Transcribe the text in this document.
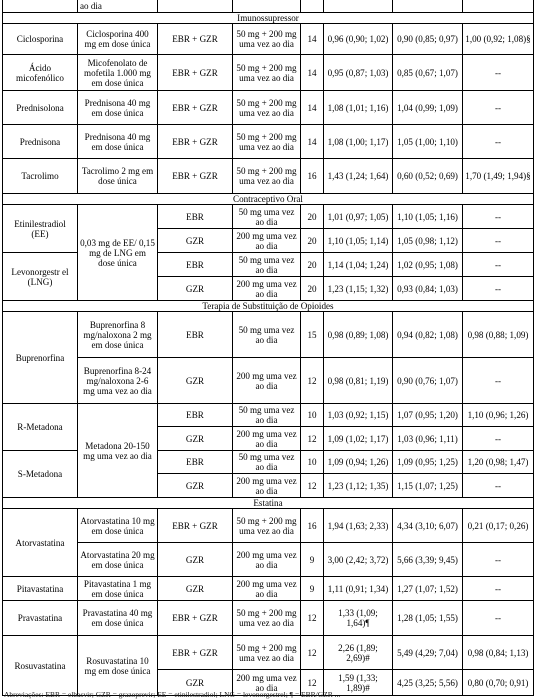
	ao dia						
Imunossupressor							
Ciclosporina	Ciclosporina 400 mg em dose única	EBR + GZR	50 mg + 200 mg uma vez ao dia	14	0,96 (0,90; 1,02)	0,90 (0,85; 0,97)	1,00 (0,92; 1,08)§
Ácido micofenólico	Micofenolato de mofetila 1.000 mg em dose única	EBR + GZR	50 mg + 200 mg uma vez ao dia	14	0,95 (0,87; 1,03)	0,85 (0,67; 1,07)	--
Prednisolona	Prednisona 40 mg em dose única	EBR + GZR	50 mg + 200 mg uma vez ao dia	14	1,08 (1,01; 1,16)	1,04 (0,99; 1,09)	--
Prednisona	Prednisona 40 mg em dose única	EBR + GZR	50 mg + 200 mg uma vez ao dia	14	1,08 (1,00; 1,17)	1,05 (1,00; 1,10)	--
Tacrolimo	Tacrolimo 2 mg em dose única	EBR + GZR	50 mg + 200 mg uma vez ao dia	16	1,43 (1,24; 1,64)	0,60 (0,52; 0,69)	1,70 (1,49; 1,94)§
Contraceptivo Oral							
Etinilestradiol (EE)	0,03 mg de EE/ 0,15 mg de LNG em dose única	EBR	50 mg uma vez ao dia	20	1,01 (0,97; 1,05)	1,10 (1,05; 1,16)	--
		GZR	200 mg uma vez ao dia	20	1,10 (1,05; 1,14)	1,05 (0,98; 1,12)	--
Levonorgestr el (LNG)		EBR	50 mg uma vez ao dia	20	1,14 (1,04; 1,24)	1,02 (0,95; 1,08)	--
		GZR	200 mg uma vez ao dia	20	1,23 (1,15; 1,32)	0,93 (0,84; 1,03)	--
Terapia de Substituição de Opioides							
Buprenorfina	Buprenorfina 8 mg/naloxona 2 mg em dose única	EBR	50 mg uma vez ao dia	15	0,98 (0,89; 1,08)	0,94 (0,82; 1,08)	0,98 (0,88; 1,09)
	Buprenorfina 8-24 mg/naloxona 2-6 mg uma vez ao dia	GZR	200 mg uma vez ao dia	12	0,98 (0,81; 1,19)	0,90 (0,76; 1,07)	--
R-Metadona	Metadona 20-150 mg uma vez ao dia	EBR	50 mg uma vez ao dia	10	1,03 (0,92; 1,15)	1,07 (0,95; 1,20)	1,10 (0,96; 1,26)
		GZR	200 mg uma vez ao dia	12	1,09 (1,02; 1,17)	1,03 (0,96; 1,11)	--
S-Metadona		EBR	50 mg uma vez ao dia	10	1,09 (0,94; 1,26)	1,09 (0,95; 1,25)	1,20 (0,98; 1,47)
		GZR	200 mg uma vez ao dia	12	1,23 (1,12; 1,35)	1,15 (1,07; 1,25)	--
Estatina							
Atorvastatina	Atorvastatina 10 mg em dose única	EBR + GZR	50 mg + 200 mg uma vez ao dia	16	1,94 (1,63; 2,33)	4,34 (3,10; 6,07)	0,21 (0,17; 0,26)
	Atorvastatina 20 mg em dose única	GZR	200 mg uma vez ao dia	9	3,00 (2,42; 3,72)	5,66 (3,39; 9,45)	--
Pitavastatina	Pitavastatina 1 mg em dose única	GZR	200 mg uma vez ao dia	9	1,11 (0,91; 1,34)	1,27 (1,07; 1,52)	--
Pravastatina	Pravastatina 40 mg em dose única	EBR + GZR	50 mg + 200 mg uma vez ao dia	12	1,33 (1,09; 1,64)¶	1,28 (1,05; 1,55)	--
Rosuvastatina	Rosuvastatina 10 mg em dose única	EBR + GZR	50 mg + 200 mg uma vez ao dia	12	2,26 (1,89; 2,69)#	5,49 (4,29; 7,04)	0,98 (0,84; 1,13)
		GZR	200 mg uma vez ao dia	12	1,59 (1,33; 1,89)#	4,25 (3,25; 5,56)	0,80 (0,70; 0,91)
Abreviações: EBR = elbasvir; GZR = grazoprevir; EE = etinilestradiol; LNG = levonorgestrel; ¶ = EBR/GZR ...
